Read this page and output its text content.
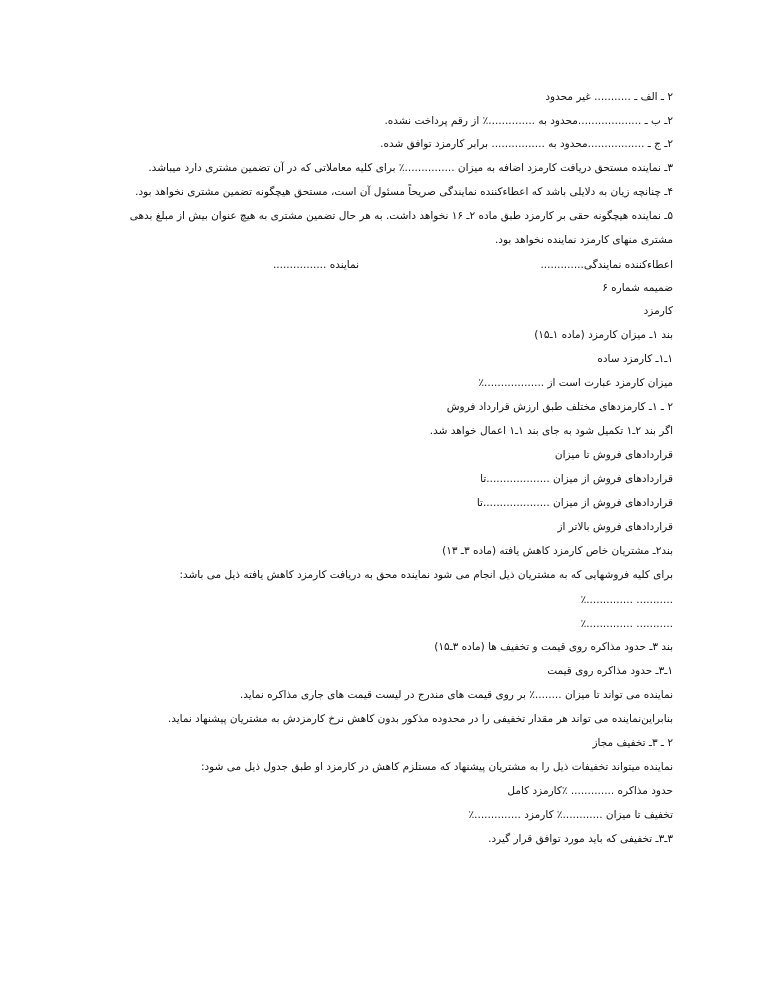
۲ ـ الف ـ ........... غیر محدود
۲ـ ب ـ ...................محدود به ..............٪ از رقم پرداخت نشده.
۲ـ ج ـ .................محدود به ................ برابر کارمزد توافق شده.
۳ـ نماینده مستحق دریافت کارمزد اضافه به میزان ...............٪ برای کلیه معاملاتی که در آن تضمین مشتری دارد میباشد.
۴ـ چنانچه زیان به دلایلی باشد که اعطاءکننده نمایندگی صریحاً مسئول آن است، مستحق هیچگونه تضمین مشتری نخواهد بود.
۵ـ نماینده هیچگونه حقی بر کارمزد طبق ماده ۲ـ ۱۶ نخواهد داشت. به هر حال تضمین مشتری به هیچ عنوان بیش از مبلغ بدهی
مشتری منهای کارمزد نماینده نخواهد بود.
اعطاءکننده نمایندگی.............
نماینده ................
ضمیمه شماره ۶
کارمزد
بند ۱ـ میزان کارمزد (ماده ۱ـ۱۵)
۱ـ۱ـ کارمزد ساده
میزان کارمزد عبارت است از ..................٪
۲ ـ ۱ـ کارمزدهای مختلف طبق ارزش قرارداد فروش
اگر بند ۲ـ۱ تکمیل شود به جای بند ۱ـ۱ اعمال خواهد شد.
قراردادهای فروش تا میزان
قراردادهای فروش از میزان ...................تا
قراردادهای فروش از میزان ....................تا
قراردادهای فروش بالاتر از
بند۲ـ مشتریان خاص کارمزد کاهش یافته (ماده ۳ـ ۱۳)
برای کلیه فروشهایی که به مشتریان ذیل انجام می شود نماینده محق به دریافت کارمزد کاهش یافته ذیل می باشد:
........... ..............٪
........... ..............٪
بند ۳ـ حدود مذاکره روی قیمت و تخفیف ها (ماده ۳ـ۱۵)
۱ـ۳ـ حدود مذاکره روی قیمت
نماینده می تواند تا میزان ........٪ بر روی قیمت های مندرج در لیست قیمت های جاری مذاکره نماید.
بنابراین‌نماینده می تواند هر مقدار تخفیفی را در محدوده مذکور بدون کاهش نرخ کارمزدش به مشتریان پیشنهاد نماید.
۲ ـ ۳ـ تخفیف مجاز
نماینده میتواند تخفیفات ذیل را به مشتریان پیشنهاد که مستلزم کاهش در کارمزد او طبق جدول ذیل می شود:
حدود مذاکره ............. ٪کارمزد کامل
تخفیف تا میزان ............٪ کارمزد ..............٪
۳ـ۳ـ تخفیفی که باید مورد توافق قرار گیرد.
